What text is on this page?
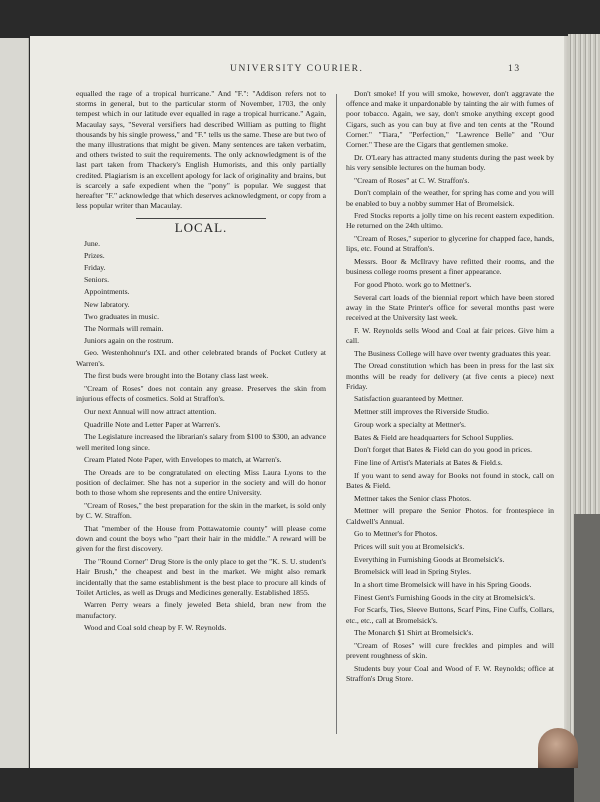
UNIVERSITY COURIER.	13

equalled the rage of a tropical hurricane." And "F.": "Addison refers not to storms in general, but to the particular storm of November, 1703, the only tempest which in our latitude ever equalled in rage a tropical hurricane." Again, Macaulay says, "Several versifiers had described William as putting to flight thousands by his single prowess," and "F." tells us the same. These are but two of the many illustrations that might be given. Many sentences are taken verbatim, and others twisted to suit the requirements. The only acknowledgment is of the last part taken from Thackery's English Humorists, and this only partially credited. Plagiarism is an excellent apology for lack of originality and brains, but is scarcely a safe expedient when the "pony" is popular. We suggest that hereafter "F." acknowledge that which deserves acknowledgment, or copy from a less popular writer than Macaulay.

LOCAL.

June.

Prizes.

Friday.

Seniors.

Appointments.

New labratory.

Two graduates in music.

The Normals will remain.

Juniors again on the rostrum.

Geo. Westenhohnur's IXL and other celebrated brands of Pocket Cutlery at Warren's.

The first buds were brought into the Botany class last week.

"Cream of Roses" does not contain any grease. Preserves the skin from injurious effects of cosmetics. Sold at Straffon's.

Our next Annual will now attract attention.

Quadrille Note and Letter Paper at Warren's.

The Legislature increased the librarian's salary from $100 to $300, an advance well merited long since.

Cream Plated Note Paper, with Envelopes to match, at Warren's.

The Oreads are to be congratulated on electing Miss Laura Lyons to the position of declaimer. She has not a superior in the society and will do honor both to those whom she represents and the entire University.

"Cream of Roses," the best preparation for the skin in the market, is sold only by C. W. Straffon.

That "member of the House from Pottawatomie county" will please come down and count the boys who "part their hair in the middle." A reward will be given for the first discovery.

The "Round Corner" Drug Store is the only place to get the "K. S. U. student's Hair Brush," the cheapest and best in the market. We might also remark incidentally that the same establishment is the best place to procure all kinds of Toilet Articles, as well as Drugs and Medicines generally. Established 1855.

Warren Perry wears a finely jeweled Beta shield, bran new from the manufactory.

Wood and Coal sold cheap by F. W. Reynolds.

Don't smoke! If you will smoke, however, don't aggravate the offence and make it unpardonable by tainting the air with fumes of poor tobacco. Again, we say, don't smoke anything except good Cigars, such as you can buy at five and ten cents at the "Round Corner." "Tiara," "Perfection," "Lawrence Belle" and "Our Corner." These are the Cigars that gentlemen smoke.

Dr. O'Leary has attracted many students during the past week by his very sensible lectures on the human body.

"Cream of Roses" at C. W. Straffon's.

Don't complain of the weather, for spring has come and you will be enabled to buy a nobby summer Hat of Bromelsick.

Fred Stocks reports a jolly time on his recent eastern expedition. He returned on the 24th ultimo.

"Cream of Roses," superior to glycerine for chapped face, hands, lips, etc. Found at Straffon's.

Messrs. Boor & McIlravy have refitted their rooms, and the business college rooms present a finer appearance.

For good Photo. work go to Mettner's.

Several cart loads of the biennial report which have been stored away in the State Printer's office for several months past were received at the University last week.

F. W. Reynolds sells Wood and Coal at fair prices. Give him a call.

The Business College will have over twenty graduates this year.

The Oread constitution which has been in press for the last six months will be ready for delivery (at five cents a piece) next Friday.

Satisfaction guaranteed by Mettner.

Mettner still improves the Riverside Studio.

Group work a specialty at Mettner's.

Bates & Field are headquarters for School Supplies.

Don't forget that Bates & Field can do you good in prices.

Fine line of Artist's Materials at Bates & Field.s.

If you want to send away for Books not found in stock, call on Bates & Field.

Mettner takes the Senior class Photos.

Mettner will prepare the Senior Photos. for frontespiece in Caldwell's Annual.

Go to Mettner's for Photos.

Prices will suit you at Bromelsick's.

Everything in Furnishing Goods at Bromelsick's.

Bromelsick will lead in Spring Styles.

In a short time Bromelsick will have in his Spring Goods.

Finest Gent's Furnishing Goods in the city at Bromelsick's.

For Scarfs, Ties, Sleeve Buttons, Scarf Pins, Fine Cuffs, Collars, etc., etc., call at Bromelsick's.

The Monarch $1 Shirt at Bromelsick's.

"Cream of Roses" will cure freckles and pimples and will prevent roughness of skin.

Students buy your Coal and Wood of F. W. Reynolds; office at Straffon's Drug Store.
